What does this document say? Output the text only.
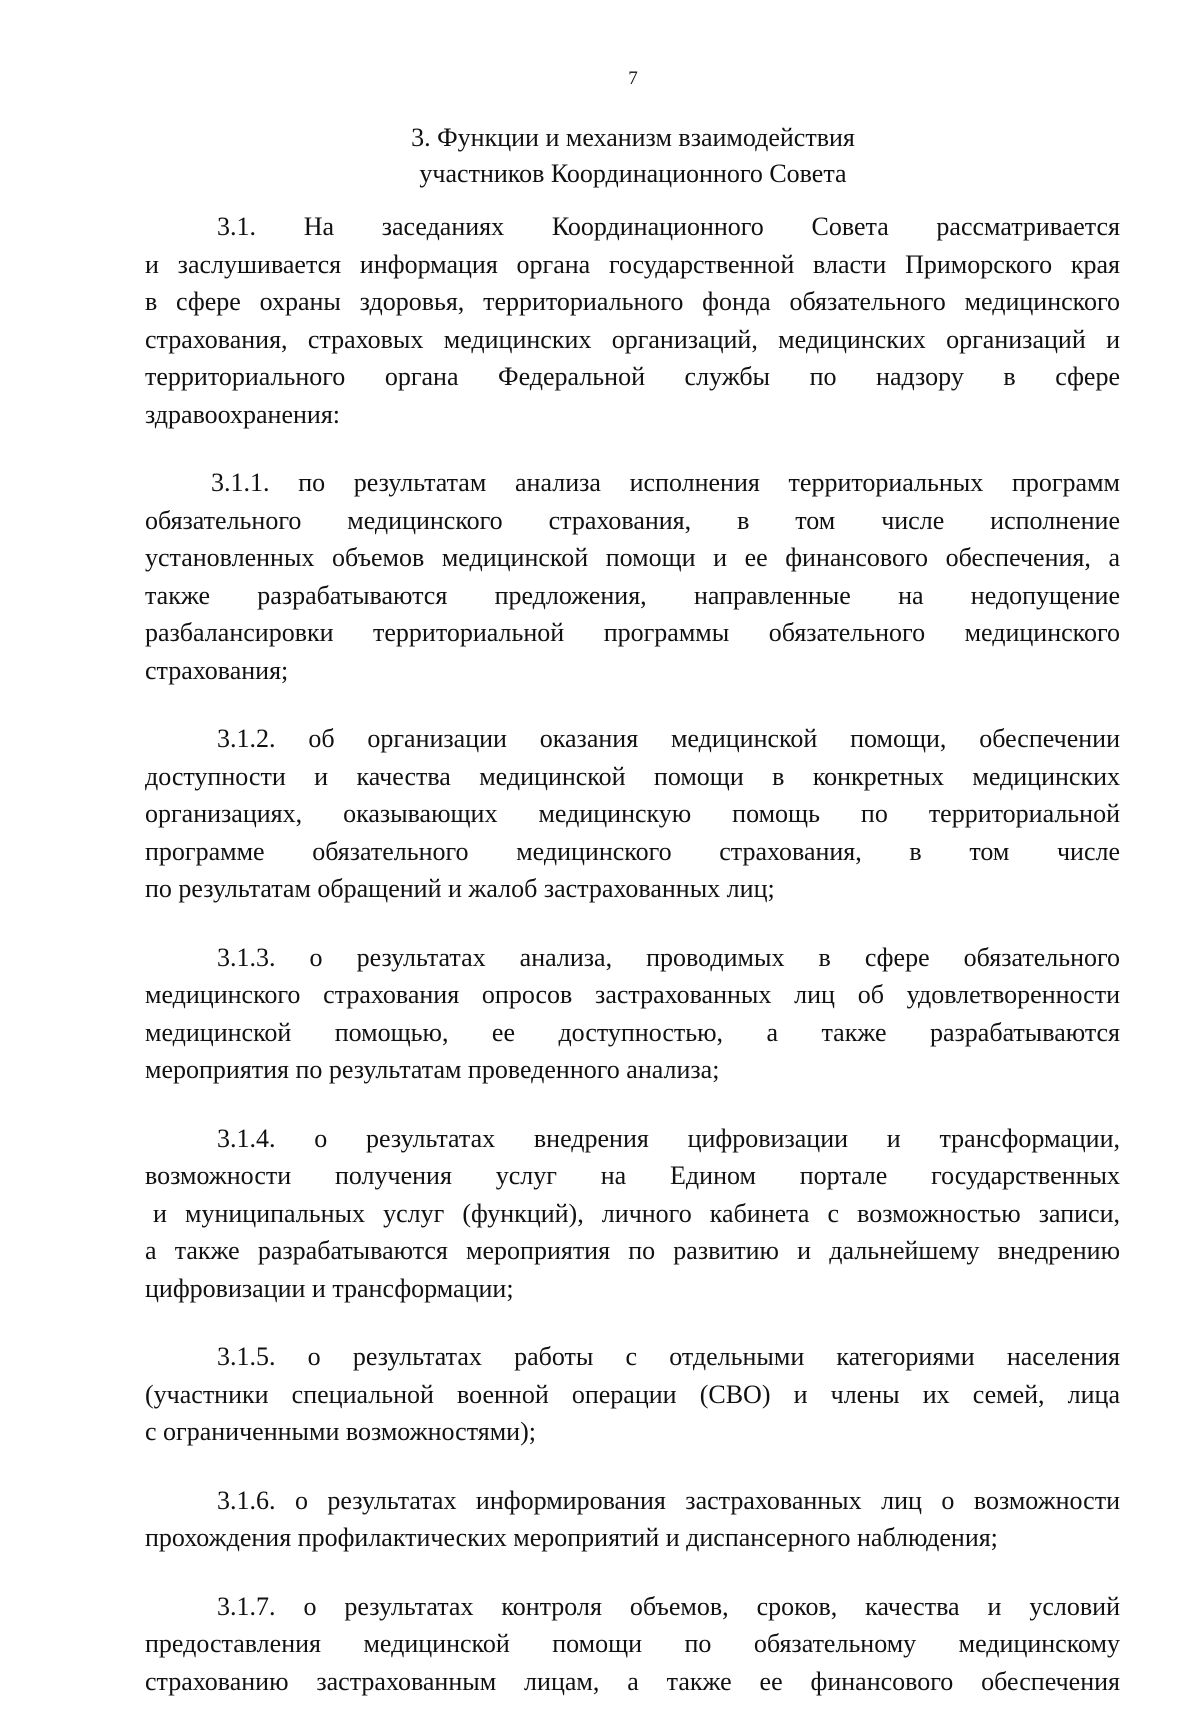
7
3. Функции и механизм взаимодействия
участников Координационного Совета
3.1. На заседаниях Координационного Совета рассматривается
и заслушивается информация органа государственной власти Приморского края
в сфере охраны здоровья, территориального фонда обязательного медицинского
страхования, страховых медицинских организаций, медицинских организаций и
территориального органа Федеральной службы по надзору в сфере
здравоохранения:
3.1.1. по результатам анализа исполнения территориальных программ
обязательного медицинского страхования, в том числе исполнение
установленных объемов медицинской помощи и ее финансового обеспечения, а
также разрабатываются предложения, направленные на недопущение
разбалансировки территориальной программы обязательного медицинского
страхования;
3.1.2. об организации оказания медицинской помощи, обеспечении
доступности и качества медицинской помощи в конкретных медицинских
организациях, оказывающих медицинскую помощь по территориальной
программе обязательного медицинского страхования, в том числе
по результатам обращений и жалоб застрахованных лиц;
3.1.3. о результатах анализа, проводимых в сфере обязательного
медицинского страхования опросов застрахованных лиц об удовлетворенности
медицинской помощью, ее доступностью, а также разрабатываются
мероприятия по результатам проведенного анализа;
3.1.4. о результатах внедрения цифровизации и трансформации,
возможности получения услуг на Едином портале государственных
и муниципальных услуг (функций), личного кабинета с возможностью записи,
а также разрабатываются мероприятия по развитию и дальнейшему внедрению
цифровизации и трансформации;
3.1.5. о результатах работы с отдельными категориями населения
(участники специальной военной операции (СВО) и члены их семей, лица
с ограниченными возможностями);
3.1.6. о результатах информирования застрахованных лиц о возможности
прохождения профилактических мероприятий и диспансерного наблюдения;
3.1.7. о результатах контроля объемов, сроков, качества и условий
предоставления медицинской помощи по обязательному медицинскому
страхованию застрахованным лицам, а также ее финансового обеспечения
